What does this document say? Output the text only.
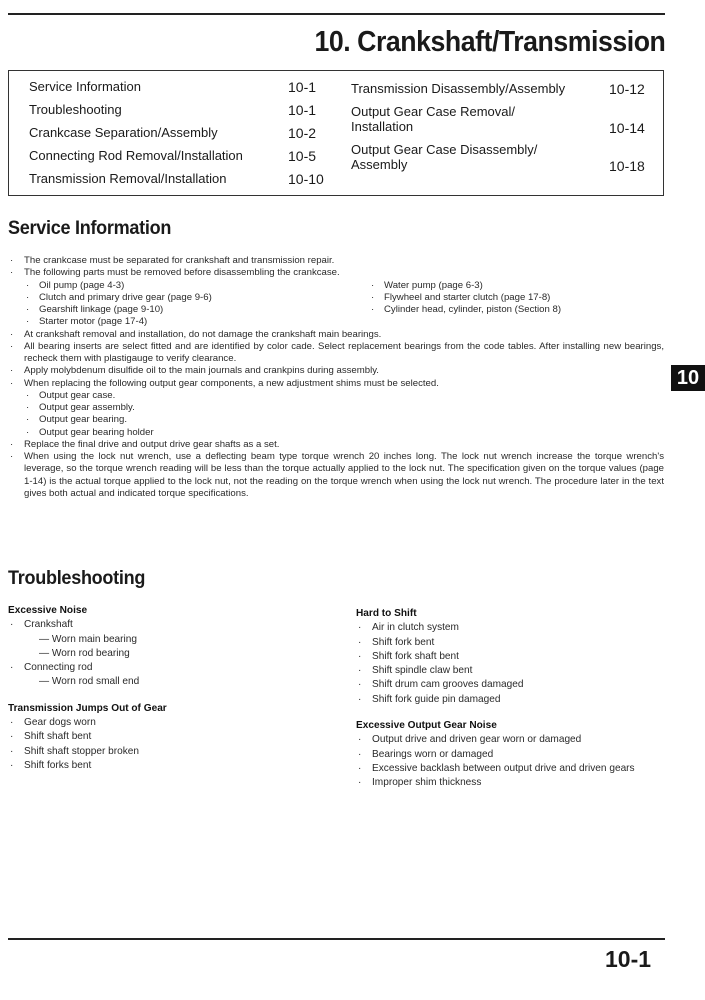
10. Crankshaft/Transmission
Service Information	10-1
Troubleshooting	10-1
Crankcase Separation/Assembly	10-2
Connecting Rod Removal/Installation	10-5
Transmission Removal/Installation	10-10
Transmission Disassembly/Assembly	10-12
Output Gear Case Removal/ Installation	10-14
Output Gear Case Disassembly/ Assembly	10-18
Service Information
· The crankcase must be separated for crankshaft and transmission repair.
· The following parts must be removed before disassembling the crankcase.
· Oil pump (page 4-3)
· Clutch and primary drive gear (page 9-6)
· Gearshift linkage (page 9-10)
· Starter motor (page 17-4)
· Water pump (page 6-3)
· Flywheel and starter clutch (page 17-8)
· Cylinder head, cylinder, piston (Section 8)
· At crankshaft removal and installation, do not damage the crankshaft main bearings.
· All bearing inserts are select fitted and are identified by color cade. Select replacement bearings from the code tables. After installing new bearings, recheck them with plastigauge to verify clearance.
· Apply molybdenum disulfide oil to the main journals and crankpins during assembly.
· When replacing the following output gear components, a new adjustment shims must be selected.
· Output gear case.
· Output gear assembly.
· Output gear bearing.
· Output gear bearing holder
· Replace the final drive and output drive gear shafts as a set.
· When using the lock nut wrench, use a deflecting beam type torque wrench 20 inches long. The lock nut wrench increase the torque wrench's leverage, so the torque wrench reading will be less than the torque actually applied to the lock nut. The specification given on the torque values (page 1-14) is the actual torque applied to the lock nut, not the reading on the torque wrench when using the lock nut wrench. The procedure later in the text gives both actual and indicated torque specifications.
10
Troubleshooting
Excessive Noise
· Crankshaft
— Worn main bearing
— Worn rod bearing
· Connecting rod
— Worn rod small end
Transmission Jumps Out of Gear
· Gear dogs worn
· Shift shaft bent
· Shift shaft stopper broken
· Shift forks bent
Hard to Shift
· Air in clutch system
· Shift fork bent
· Shift fork shaft bent
· Shift spindle claw bent
· Shift drum cam grooves damaged
· Shift fork guide pin damaged
Excessive Output Gear Noise
· Output drive and driven gear worn or damaged
· Bearings worn or damaged
· Excessive backlash between output drive and driven gears
· Improper shim thickness
10-1
